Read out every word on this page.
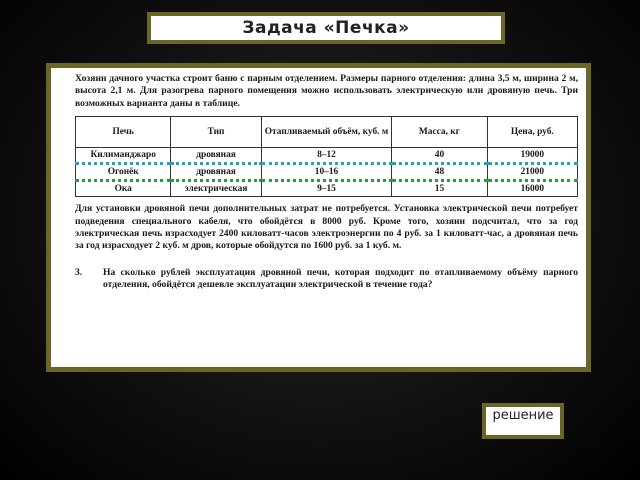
Задача «Печка»

Хозяин дачного участка строит баню с парным отделением. Размеры парного отделения: длина 3,5 м, ширина 2 м, высота 2,1 м. Для разогрева парного помещения можно использовать электрическую или дровяную печь. Три возможных варианта даны в таблице.

Печь	Тип	Отапливаемый объём, куб. м	Масса, кг	Цена, руб.
Килиманджаро	дровяная	8–12	40	19000
Огонёк	дровяная	10–16	48	21000
Ока	электрическая	9–15	15	16000

Для установки дровяной печи дополнительных затрат не потребуется. Установка электрической печи потребует подведения специального кабеля, что обойдётся в 8000 руб. Кроме того, хозяин подсчитал, что за год электрическая печь израсходует 2400 киловатт-часов электроэнергии по 4 руб. за 1 киловатт-час, а дровяная печь за год израсходует 2 куб. м дров, которые обойдутся по 1600 руб. за 1 куб. м.

3.	На сколько рублей эксплуатация дровяной печи, которая подходит по отапливаемому объёму парного отделения, обойдётся дешевле эксплуатации электрической в течение года?
решение
